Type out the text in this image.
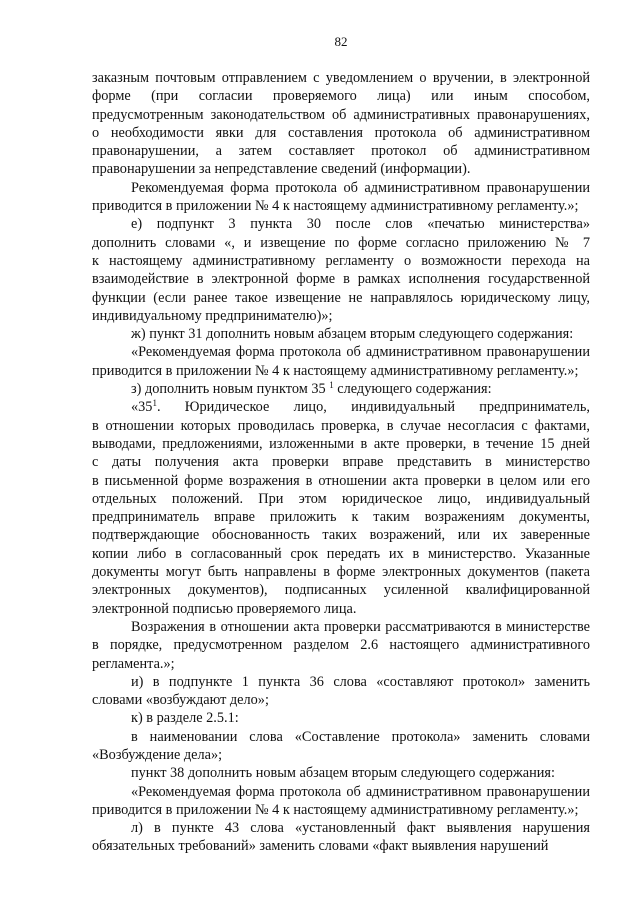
82
заказным почтовым отправлением с уведомлением о вручении, в электронной
форме (при согласии проверяемого лица) или иным способом,
предусмотренным законодательством об административных правонарушениях,
о необходимости явки для составления протокола об административном
правонарушении, а затем составляет протокол об административном
правонарушении за непредставление сведений (информации).
Рекомендуемая форма протокола об административном правонарушении
приводится в приложении № 4 к настоящему административному регламенту.»;
е) подпункт 3 пункта 30 после слов «печатью министерства»
дополнить словами «, и извещение по форме согласно приложению № 7
к настоящему административному регламенту о возможности перехода на
взаимодействие в электронной форме в рамках исполнения государственной
функции (если ранее такое извещение не направлялось юридическому лицу,
индивидуальному предпринимателю)»;
ж) пункт 31 дополнить новым абзацем вторым следующего содержания:
«Рекомендуемая форма протокола об административном правонарушении
приводится в приложении № 4 к настоящему административному регламенту.»;
з) дополнить новым пунктом 35 $^1$ следующего содержания:
«$35^1$. Юридическое лицо, индивидуальный предприниматель,
в отношении которых проводилась проверка, в случае несогласия с фактами,
выводами, предложениями, изложенными в акте проверки, в течение 15 дней
с даты получения акта проверки вправе представить в министерство
в письменной форме возражения в отношении акта проверки в целом или его
отдельных положений. При этом юридическое лицо, индивидуальный
предприниматель вправе приложить к таким возражениям документы,
подтверждающие обоснованность таких возражений, или их заверенные
копии либо в согласованный срок передать их в министерство. Указанные
документы могут быть направлены в форме электронных документов (пакета
электронных документов), подписанных усиленной квалифицированной
электронной подписью проверяемого лица.
Возражения в отношении акта проверки рассматриваются в министерстве
в порядке, предусмотренном разделом 2.6 настоящего административного
регламента.»;
и) в подпункте 1 пункта 36 слова «составляют протокол» заменить
словами «возбуждают дело»;
к) в разделе 2.5.1:
в наименовании слова «Составление протокола» заменить словами
«Возбуждение дела»;
пункт 38 дополнить новым абзацем вторым следующего содержания:
«Рекомендуемая форма протокола об административном правонарушении
приводится в приложении № 4 к настоящему административному регламенту.»;
л) в пункте 43 слова «установленный факт выявления нарушения
обязательных требований» заменить словами «факт выявления нарушений
